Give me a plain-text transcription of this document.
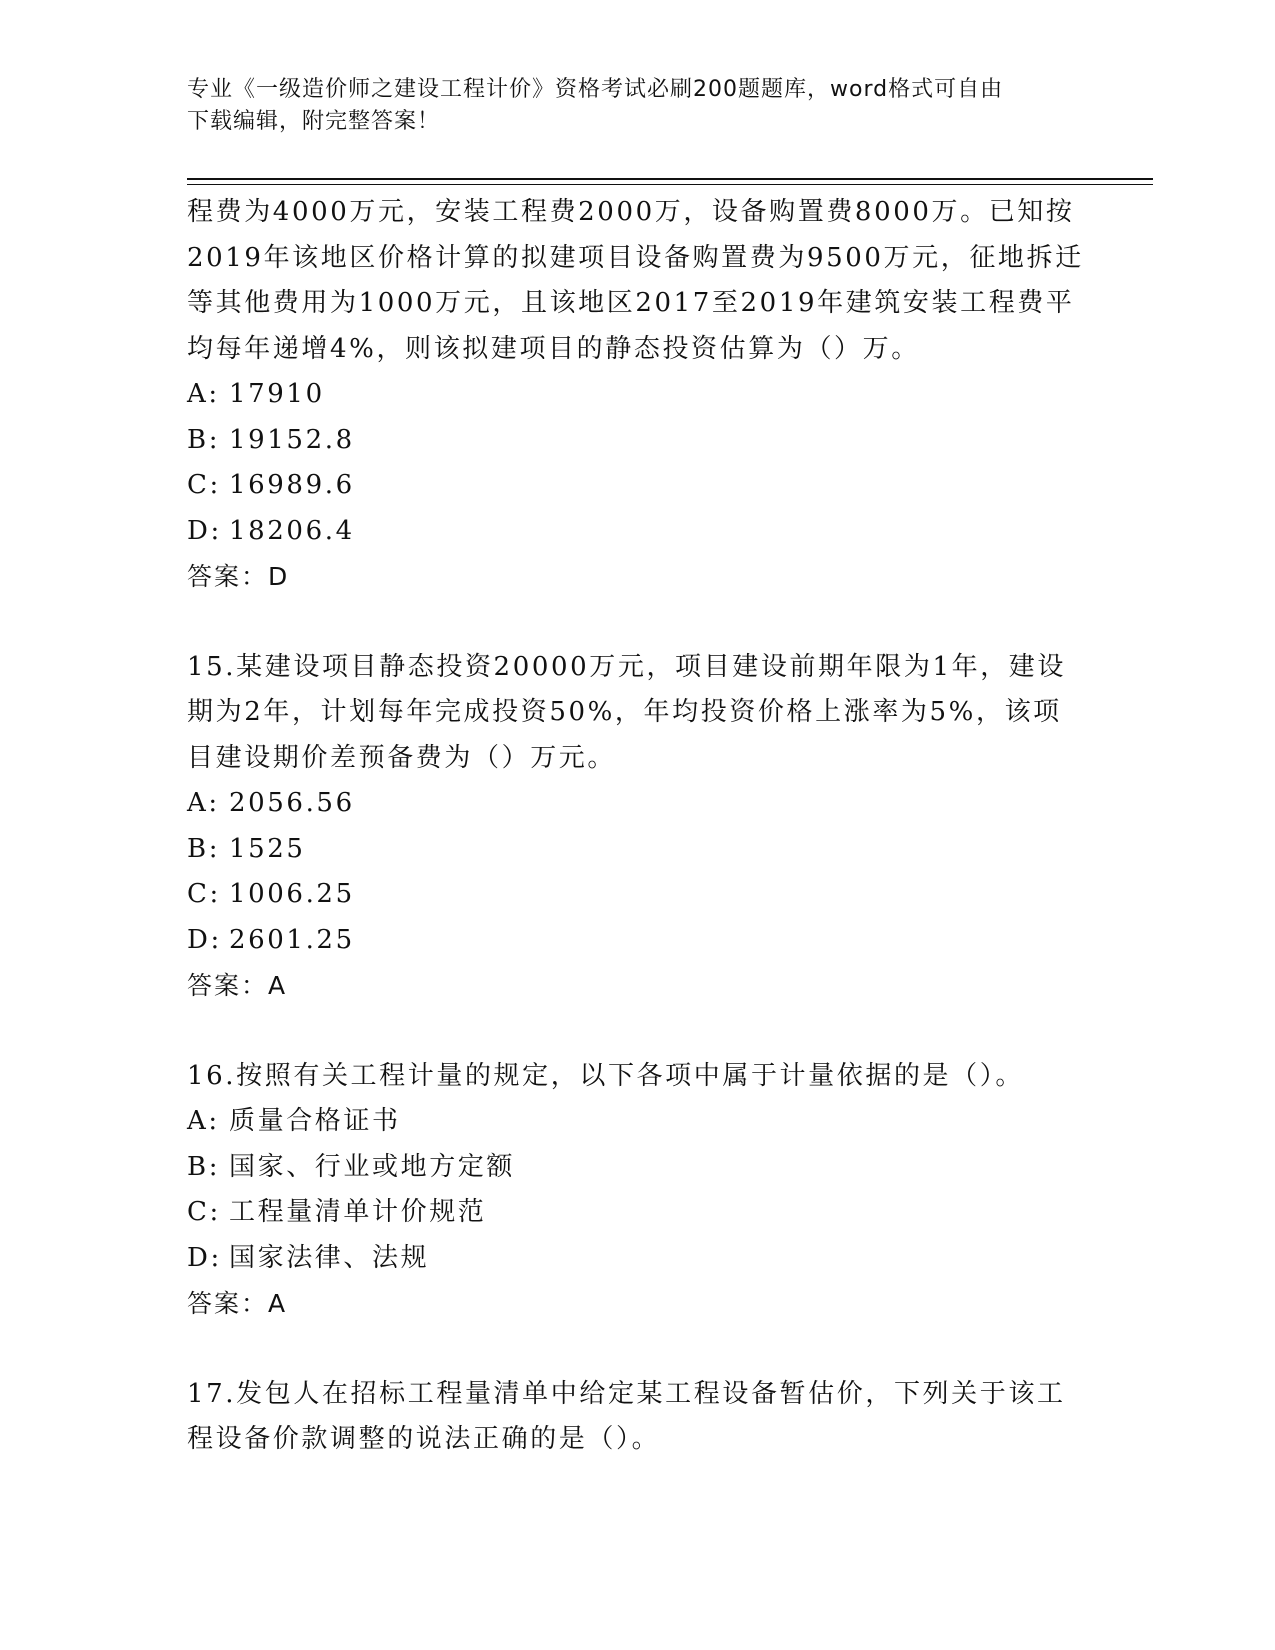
专业《一级造价师之建设工程计价》资格考试必刷200题题库，word格式可自由
下载编辑，附完整答案！

程费为4000万元，安装工程费2000万，设备购置费8000万。已知按

2019年该地区价格计算的拟建项目设备购置费为9500万元，征地拆迁

等其他费用为1000万元，且该地区2017至2019年建筑安装工程费平

均每年递增4%，则该拟建项目的静态投资估算为（）万。

A: 17910

B: 19152.8

C: 16989.6

D: 18206.4

答案：D

15.某建设项目静态投资20000万元，项目建设前期年限为1年，建设

期为2年，计划每年完成投资50%，年均投资价格上涨率为5%，该项

目建设期价差预备费为（）万元。

A: 2056.56

B: 1525

C: 1006.25

D: 2601.25

答案：A

16.按照有关工程计量的规定，以下各项中属于计量依据的是（）。

A: 质量合格证书

B: 国家、行业或地方定额

C: 工程量清单计价规范

D: 国家法律、法规

答案：A

17.发包人在招标工程量清单中给定某工程设备暂估价，下列关于该工

程设备价款调整的说法正确的是（）。
